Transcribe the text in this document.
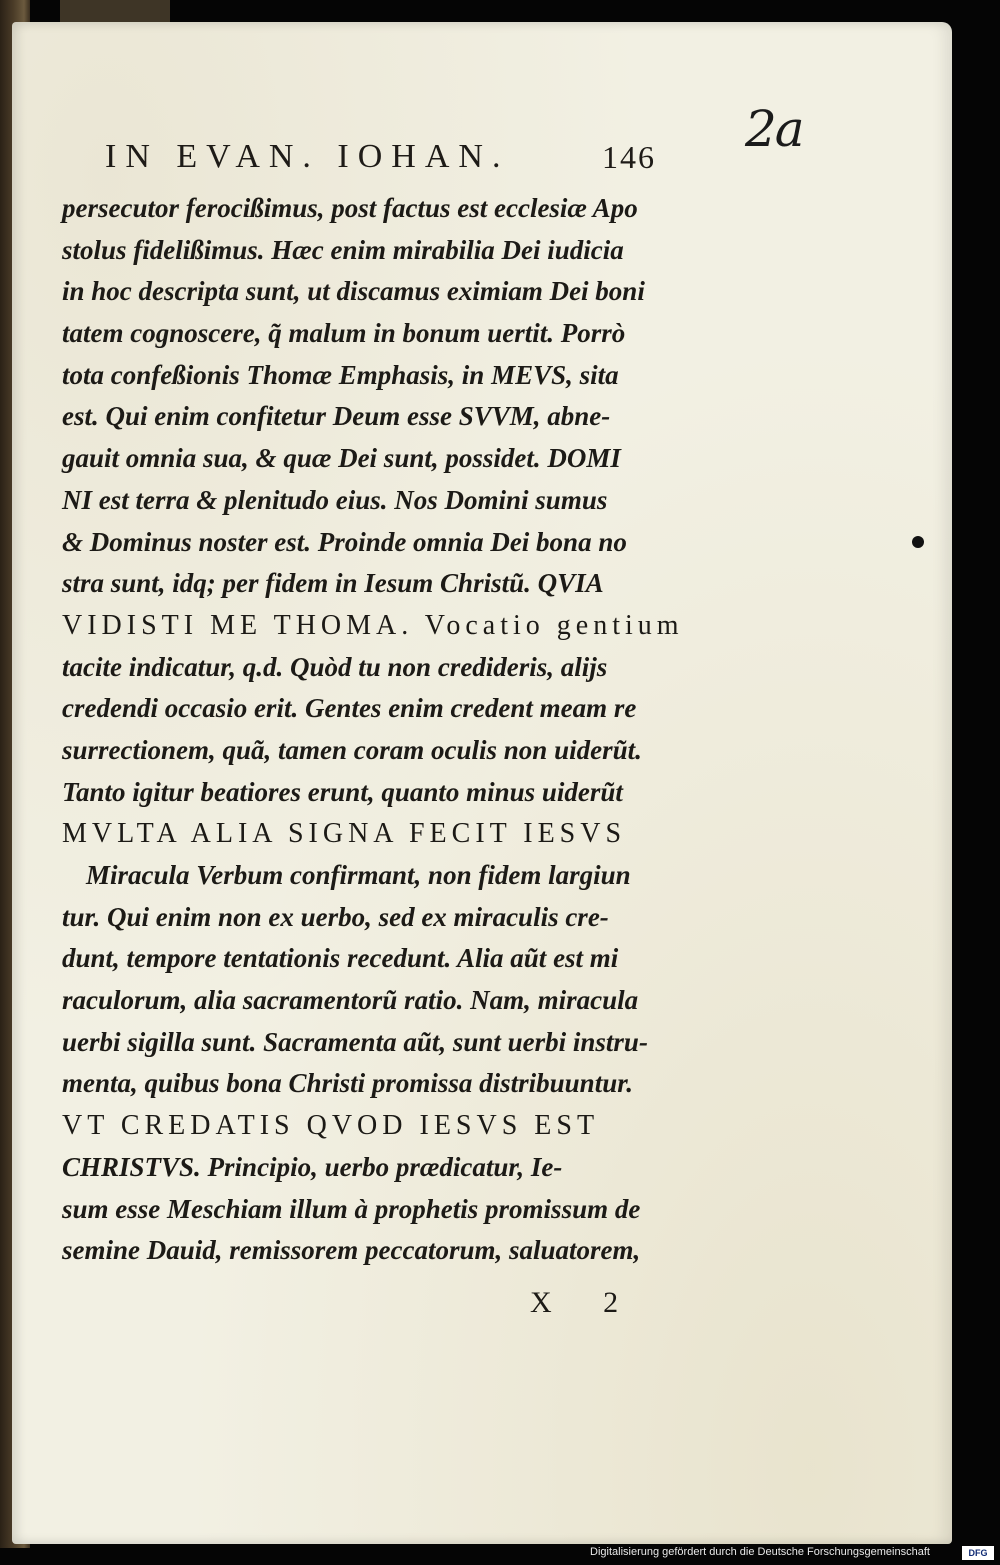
2a
IN EVAN. IOHAN.	146
persecutor ferocißimus, post factus est ecclesiæ Apo
stolus fidelißimus. Hæc enim mirabilia Dei iudicia
in hoc descripta sunt, ut discamus eximiam Dei boni
tatem cognoscere, q̃ malum in bonum uertit. Porrò
tota confeßionis Thomæ Emphasis, in MEVS, sita
est. Qui enim confitetur Deum esse SVVM, abne-
gauit omnia sua, & quæ Dei sunt, possidet. DOMI
NI est terra & plenitudo eius. Nos Domini sumus
& Dominus noster est. Proinde omnia Dei bona no
stra sunt, idq; per fidem in Iesum Christũ. QVIA
VIDISTI ME THOMA. Vocatio gentium
tacite indicatur, q.d. Quòd tu non credideris, alijs
credendi occasio erit. Gentes enim credent meam re
surrectionem, quã, tamen coram oculis non uiderũt.
Tanto igitur beatiores erunt, quanto minus uiderũt
MVLTA ALIA SIGNA FECIT IESVS
Miracula Verbum confirmant, non fidem largiun
tur. Qui enim non ex uerbo, sed ex miraculis cre-
dunt, tempore tentationis recedunt. Alia aũt est mi
raculorum, alia sacramentorũ ratio. Nam, miracula
uerbi sigilla sunt. Sacramenta aũt, sunt uerbi instru-
menta, quibus bona Christi promissa distribuuntur.
VT CREDATIS QVOD IESVS EST
CHRISTVS. Principio, uerbo prædicatur, Ie-
sum esse Meschiam illum à prophetis promissum de
semine Dauid, remissorem peccatorum, saluatorem,
X 2
Digitalisierung gefördert durch die Deutsche Forschungsgemeinschaft	DFG
